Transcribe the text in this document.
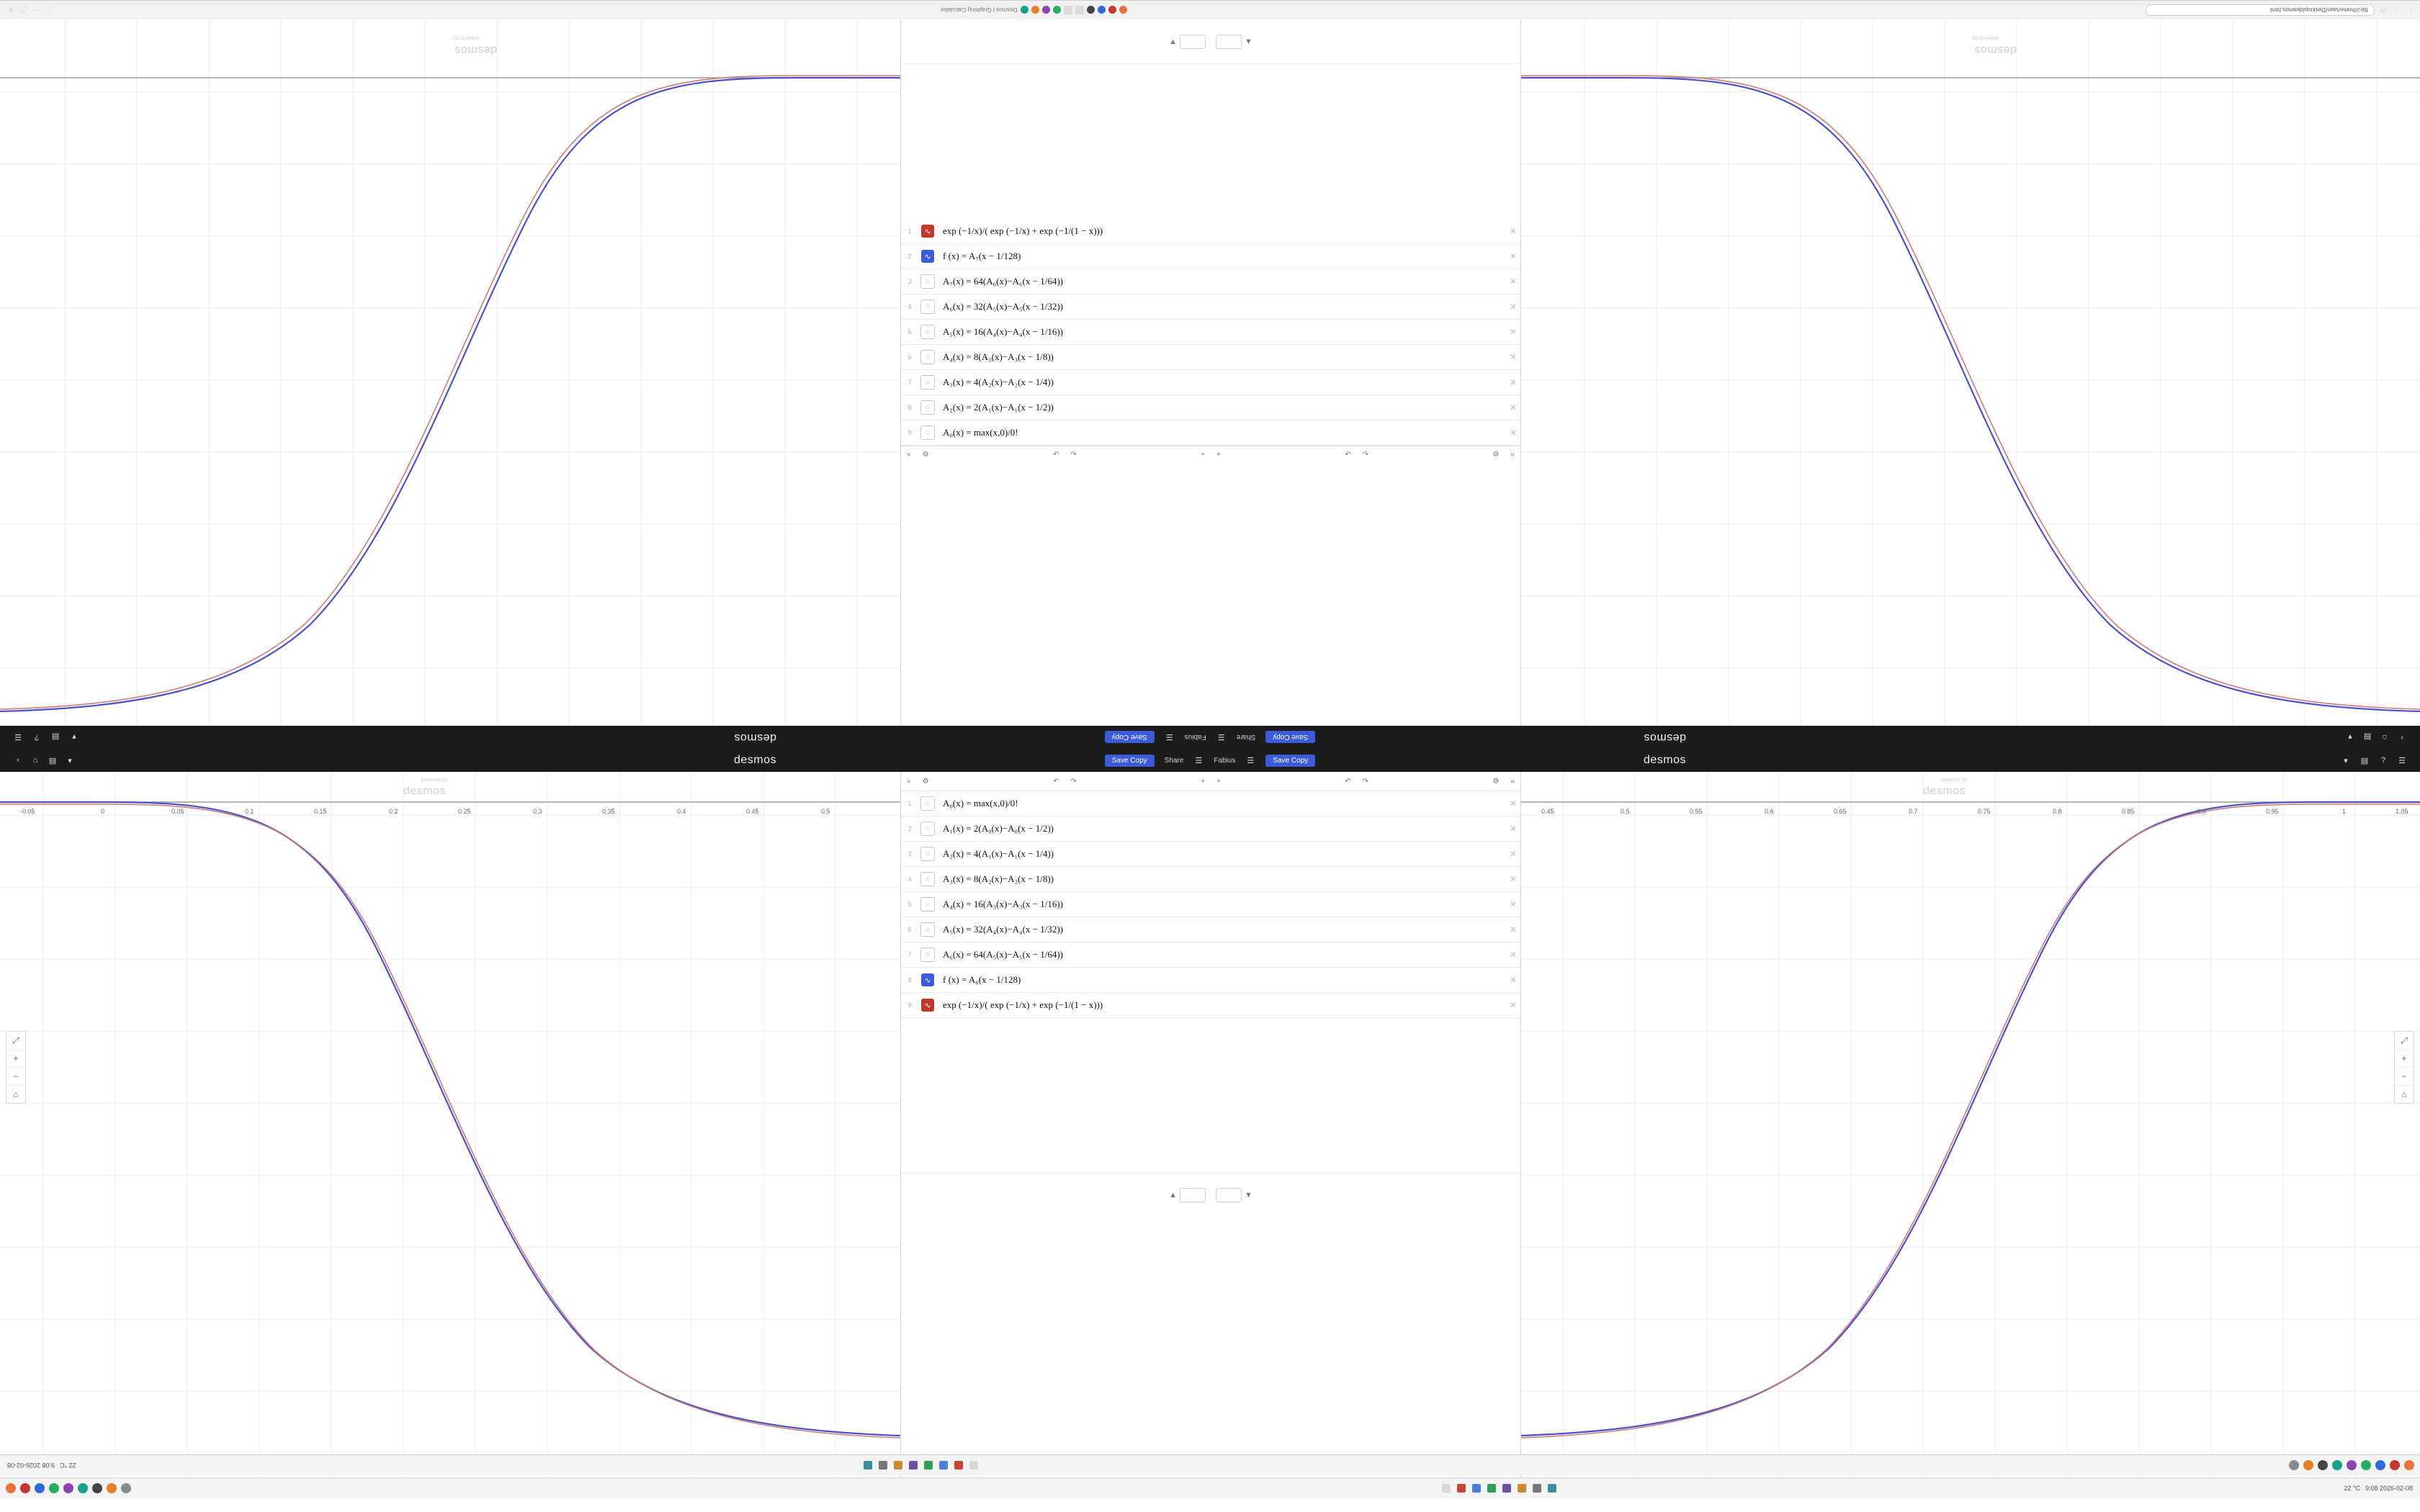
‹
›
⟳
file:///home/user/Desktop/desmos.html
Desmos | Graphing Calculator
⋮
–
▢
✕
desmos
powered by
desmos
powered by
▲	▼
1	∿	exp (−1/x)/( exp (−1/x) + exp (−1/(1 − x)))	✕
2	∿	f (x) = A₇(x − 1/128)	✕
3	○	A₇(x) = 64(A₆(x)−A₆(x − 1/64))	✕
4	○	A₆(x) = 32(A₅(x)−A₅(x − 1/32))	✕
5	○	A₅(x) = 16(A₄(x)−A₄(x − 1/16))	✕
6	○	A₄(x) = 8(A₃(x)−A₃(x − 1/8))	✕
7	○	A₃(x) = 4(A₂(x)−A₂(x − 1/4))	✕
8	○	A₂(x) = 2(A₁(x)−A₁(x − 1/2))	✕
9	○	A₀(x) = max(x,0)/0!	✕
« ⚙	↶ ↷	+ +	↶ ↷	⚙ «
‹
⌂
▤
▾
desmos
Save Copy
Share
☰
Fabius
☰
Save Copy
desmos
▾
▤
?
☰
‹	⌂	▤	▾	desmos	Save Copy	Share ☰ Fabius ☰	Save Copy	desmos	▾	▤	?	☰
-0.05	0	0.05	0.1	0.15	0.2	0.25	0.3	0.35	0.4	0.45	0.5
desmos
powered by
⤢
+
−
⌂
0.45	0.5	0.55	0.6	0.65	0.7	0.75	0.8	0.85	0.9	0.95	1	1.05
desmos
powered by
⤢
+
−
⌂
« ⚙	↶ ↷	+ +	↶ ↷	⚙ «
1	○	A₀(x) = max(x,0)/0!	✕
2	○	A₁(x) = 2(A₀(x)−A₀(x − 1/2))	✕
3	○	A₂(x) = 4(A₁(x)−A₁(x − 1/4))	✕
4	○	A₃(x) = 8(A₂(x)−A₂(x − 1/8))	✕
5	○	A₄(x) = 16(A₃(x)−A₃(x − 1/16))	✕
6	○	A₅(x) = 32(A₄(x)−A₄(x − 1/32))	✕
7	○	A₆(x) = 64(A₅(x)−A₅(x − 1/64))	✕
8	∿	f (x) = A₆(x − 1/128)	✕
9	∿	exp (−1/x)/( exp (−1/x) + exp (−1/(1 − x)))	✕
▲	▼
22 °C
9:08 2026-02-08
22 °C 9:08 2026-02-08
